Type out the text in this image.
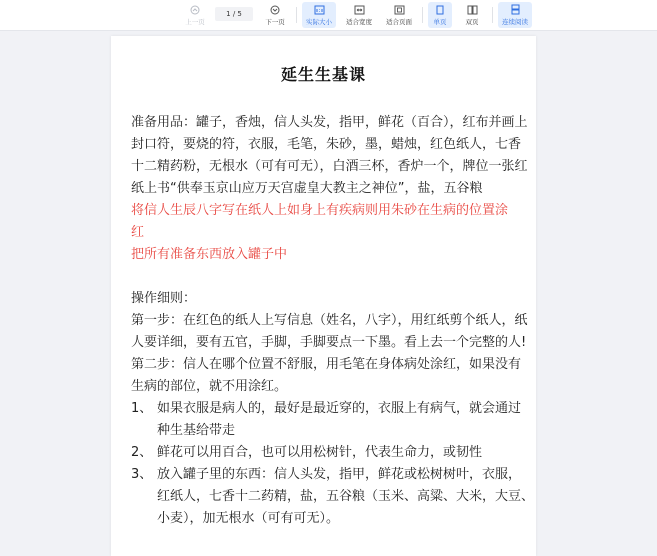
上一页
1 / 5
下一页	实际大小 适合宽度 适合页面	单页	双页	连续阅读
延生生基课
准备用品：罐子，香烛，信人头发，指甲，鲜花（百合），红布并画上
封口符，要烧的符，衣服，毛笔，朱砂，墨，蜡烛，红色纸人，七香
十二精药粉，无根水（可有可无），白酒三杯，香炉一个，牌位一张红
纸上书“供奉玉京山应万天宫虚皇大教主之神位”，盐，五谷粮
将信人生辰八字写在纸人上如身上有疾病则用朱砂在生病的位置涂
红
把所有准备东西放入罐子中
操作细则：
第一步：在红色的纸人上写信息（姓名，八字），用红纸剪个纸人，纸
人要详细，要有五官，手脚，手脚要点一下墨。看上去一个完整的人!
第二步：信人在哪个位置不舒服，用毛笔在身体病处涂红，如果没有
生病的部位，就不用涂红。
1、 如果衣服是病人的，最好是最近穿的，衣服上有病气，就会通过
种生基给带走
2、 鲜花可以用百合，也可以用松树针，代表生命力，或韧性
3、 放入罐子里的东西：信人头发，指甲，鲜花或松树树叶，衣服，
红纸人，七香十二药精，盐，五谷粮（玉米、高粱、大米，大豆、
小麦），加无根水（可有可无）。
